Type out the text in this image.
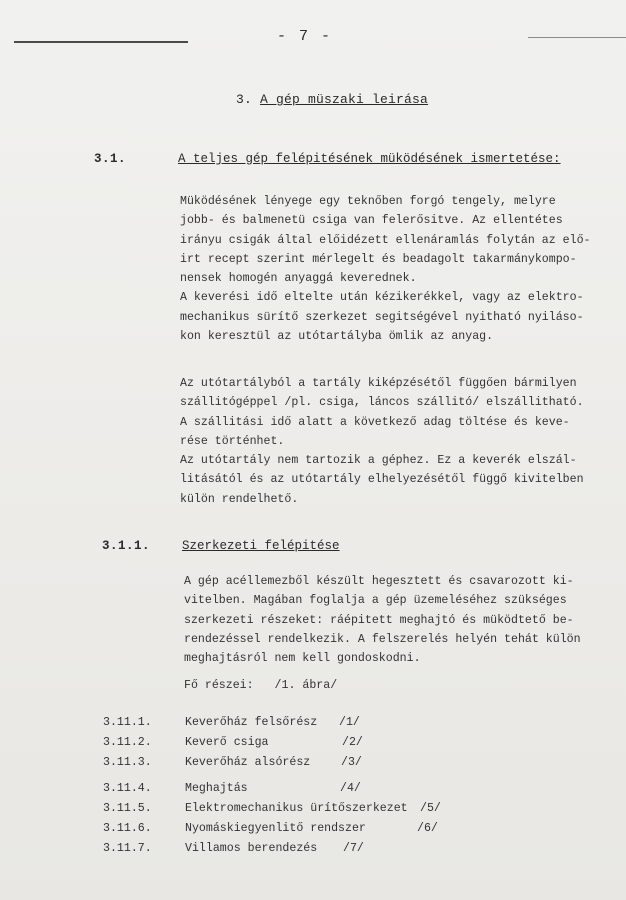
- 7 -
3. A gép müszaki leirása
3.1.	A teljes gép felépitésének müködésének ismertetése:
Müködésének lényege egy teknőben forgó tengely, melyre
jobb- és balmenetü csiga van felerősitve. Az ellentétes
irányu csigák által előidézett ellenáramlás folytán az elő-
irt recept szerint mérlegelt és beadagolt takarmánykompo-
nensek homogén anyaggá keverednek.
A keverési idő eltelte után kézikerékkel, vagy az elektro-
mechanikus sürítő szerkezet segitségével nyitható nyiláso-
kon keresztül az utótartályba ömlik az anyag.
Az utótartályból a tartály kiképzésétől függően bármilyen
szállitógéppel /pl. csiga, láncos szállitó/ elszállitható.
A szállitási idő alatt a következő adag töltése és keve-
rése történhet.
Az utótartály nem tartozik a géphez. Ez a keverék elszál-
litásától és az utótartály elhelyezésétől függő kivitelben
külön rendelhető.
3.1.1.	Szerkezeti felépitése
A gép acéllemezből készült hegesztett és csavarozott ki-
vitelben. Magában foglalja a gép üzemeléséhez szükséges
szerkezeti részeket: ráépitett meghajtó és müködtető be-
rendezéssel rendelkezik. A felszerelés helyén tehát külön
meghajtásról nem kell gondoskodni.
Fő részei: /1. ábra/
3.11.1.	Keverőház felsőrész /1/
3.11.2.	Keverő csiga	/2/
3.11.3.	Keverőház alsórész	/3/
3.11.4.	Meghajtás	/4/
3.11.5.	Elektromechanikus ürítőszerkezet /5/
3.11.6.	Nyomáskiegyenlitő rendszer	/6/
3.11.7.	Villamos berendezés /7/
